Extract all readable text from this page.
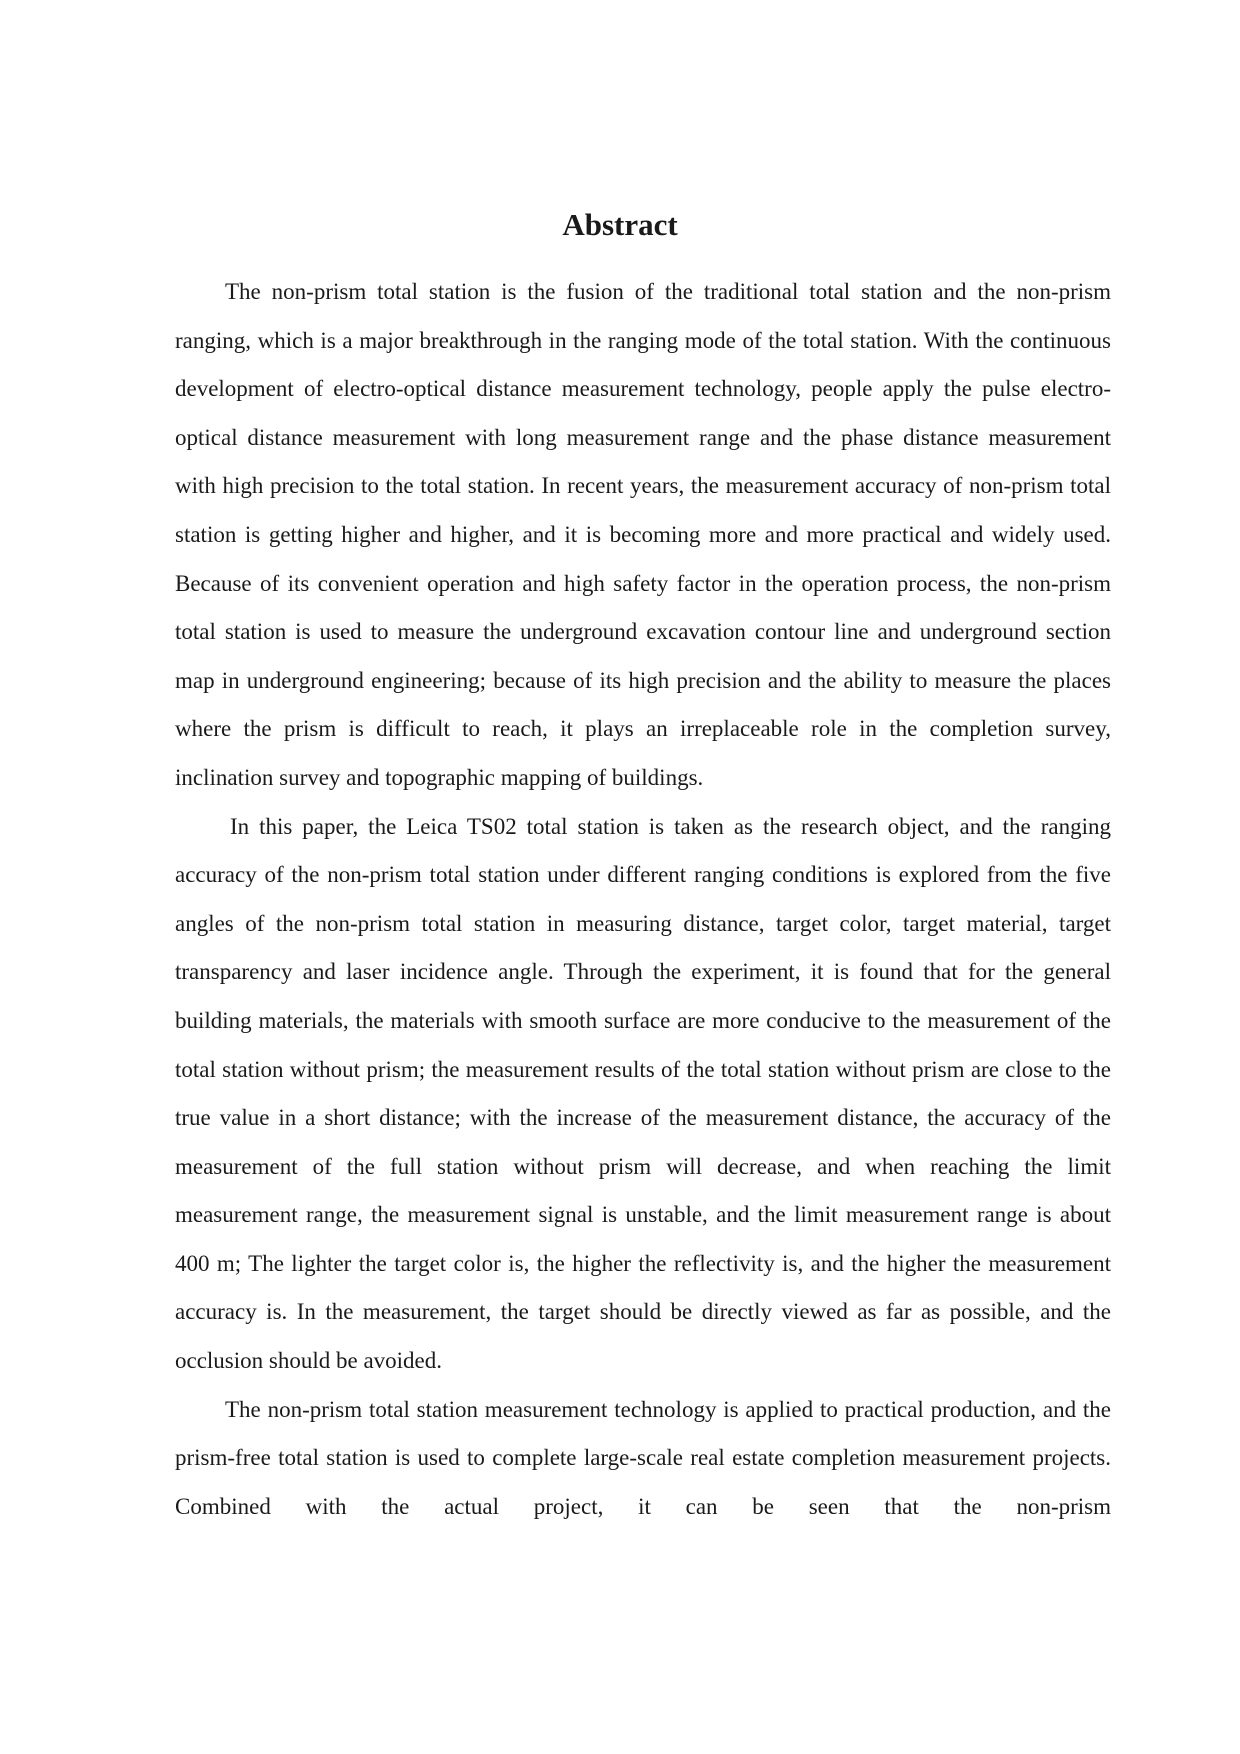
Abstract

The non-prism total station is the fusion of the traditional total station and the non-prism ranging, which is a major breakthrough in the ranging mode of the total station. With the continuous development of electro-optical distance measurement technology, people apply the pulse electro-optical distance measurement with long measurement range and the phase distance measurement with high precision to the total station. In recent years, the measurement accuracy of non-prism total station is getting higher and higher, and it is becoming more and more practical and widely used. Because of its convenient operation and high safety factor in the operation process, the non-prism total station is used to measure the underground excavation contour line and underground section map in underground engineering; because of its high precision and the ability to measure the places where the prism is difficult to reach, it plays an irreplaceable role in the completion survey, inclination survey and topographic mapping of buildings.

In this paper, the Leica TS02 total station is taken as the research object, and the ranging accuracy of the non-prism total station under different ranging conditions is explored from the five angles of the non-prism total station in measuring distance, target color, target material, target transparency and laser incidence angle. Through the experiment, it is found that for the general building materials, the materials with smooth surface are more conducive to the measurement of the total station without prism; the measurement results of the total station without prism are close to the true value in a short distance; with the increase of the measurement distance, the accuracy of the measurement of the full station without prism will decrease, and when reaching the limit measurement range, the measurement signal is unstable, and the limit measurement range is about 400 m; The lighter the target color is, the higher the reflectivity is, and the higher the measurement accuracy is. In the measurement, the target should be directly viewed as far as possible, and the occlusion should be avoided.

The non-prism total station measurement technology is applied to practical production, and the prism-free total station is used to complete large-scale real estate completion measurement projects. Combined with the actual project, it can be seen that the non-prism
